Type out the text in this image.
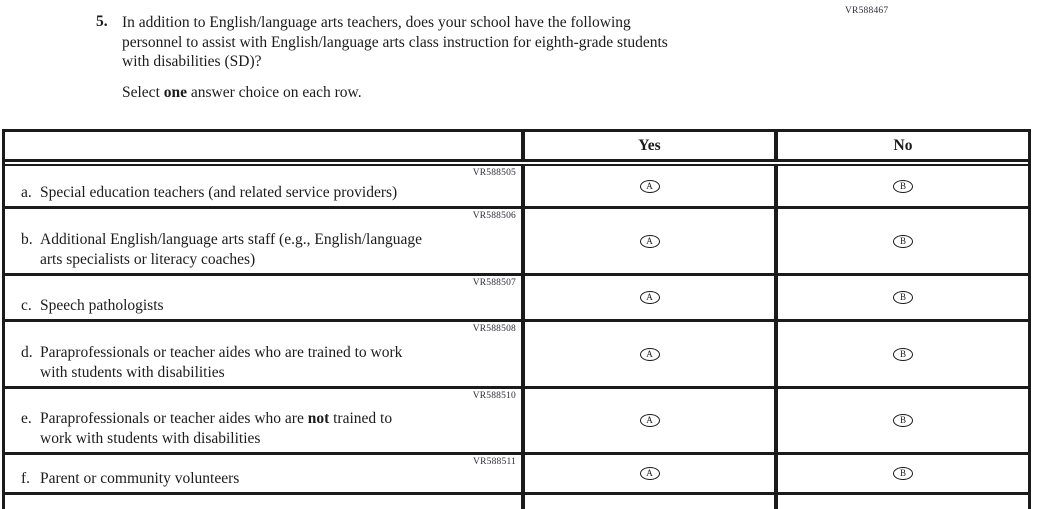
VR588467
5. In addition to English/language arts teachers, does your school have the following
personnel to assist with English/language arts class instruction for eighth-grade students
with disabilities (SD)?
Select one answer choice on each row.
Yes	No
VR588505
a. Special education teachers (and related service providers)	A	B
VR588506
b. Additional English/language arts staff (e.g., English/language
arts specialists or literacy coaches)
A	B
VR588507
c. Speech pathologists	A	B
VR588508
d. Paraprofessionals or teacher aides who are trained to work
with students with disabilities
A	B
VR588510
e. Paraprofessionals or teacher aides who are not trained to
work with students with disabilities
A	B
VR588511
f. Parent or community volunteers	A	B
